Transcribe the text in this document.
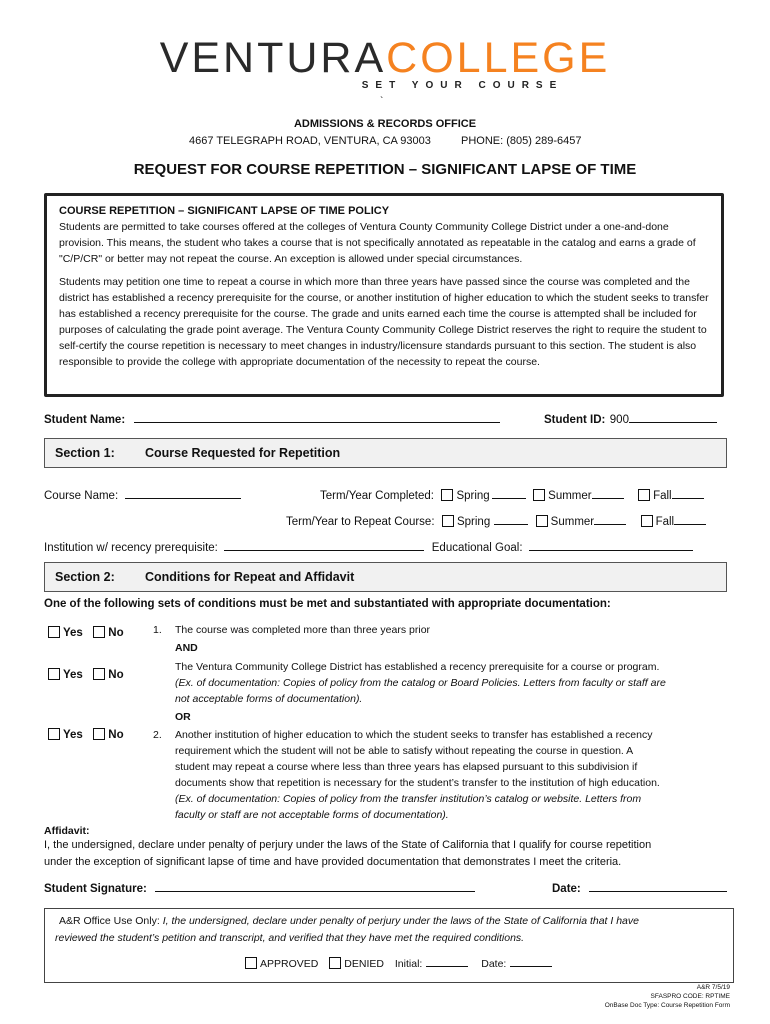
VENTURACOLLEGE
SET YOUR COURSE
`
ADMISSIONS & RECORDS OFFICE
4667 TELEGRAPH ROAD, VENTURA, CA 93003	PHONE: (805) 289-6457
REQUEST FOR COURSE REPETITION – SIGNIFICANT LAPSE OF TIME
COURSE REPETITION – SIGNIFICANT LAPSE OF TIME POLICY

Students are permitted to take courses offered at the colleges of Ventura County Community College District under a one-and-done provision. This means, the student who takes a course that is not specifically annotated as repeatable in the catalog and earns a grade of "C/P/CR" or better may not repeat the course. An exception is allowed under special circumstances.

Students may petition one time to repeat a course in which more than three years have passed since the course was completed and the district has established a recency prerequisite for the course, or another institution of higher education to which the student seeks to transfer has established a recency prerequisite for the course. The grade and units earned each time the course is attempted shall be included for purposes of calculating the grade point average. The Ventura County Community College District reserves the right to require the student to self-certify the course repetition is necessary to meet changes in industry/licensure standards pursuant to this section. The student is also responsible to provide the college with appropriate documentation of the necessity to repeat the course.

Student Name:	Student ID: 900
Section 1: Course Requested for Repetition
Course Name:	Term/Year Completed: Spring	Summer	Fall
Term/Year to Repeat Course: Spring	Summer	Fall
Institution w/ recency prerequisite:	Educational Goal:
Section 2: Conditions for Repeat and Affidavit
One of the following sets of conditions must be met and substantiated with appropriate documentation:
Yes No	1. The course was completed more than three years prior
AND
Yes No
The Ventura Community College District has established a recency prerequisite for a course or program.
(Ex. of documentation: Copies of policy from the catalog or Board Policies. Letters from faculty or staff are
not acceptable forms of documentation).
OR
Yes No	2. Another institution of higher education to which the student seeks to transfer has established a recency
requirement which the student will not be able to satisfy without repeating the course in question. A
student may repeat a course where less than three years has elapsed pursuant to this subdivision if
documents show that repetition is necessary for the student’s transfer to the institution of high education.
(Ex. of documentation: Copies of policy from the transfer institution’s catalog or website. Letters from
faculty or staff are not acceptable forms of documentation).
Affidavit:
I, the undersigned, declare under penalty of perjury under the laws of the State of California that I qualify for course repetition
under the exception of significant lapse of time and have provided documentation that demonstrates I meet the criteria.
Student Signature:	Date:
A&R Office Use Only: I, the undersigned, declare under penalty of perjury under the laws of the State of California that I have
reviewed the student’s petition and transcript, and verified that they have met the required conditions.
APPROVED DENIED Initial:	Date:
A&R 7/5/19
SFASPRO CODE: RPTIME
OnBase Doc Type: Course Repetition Form
